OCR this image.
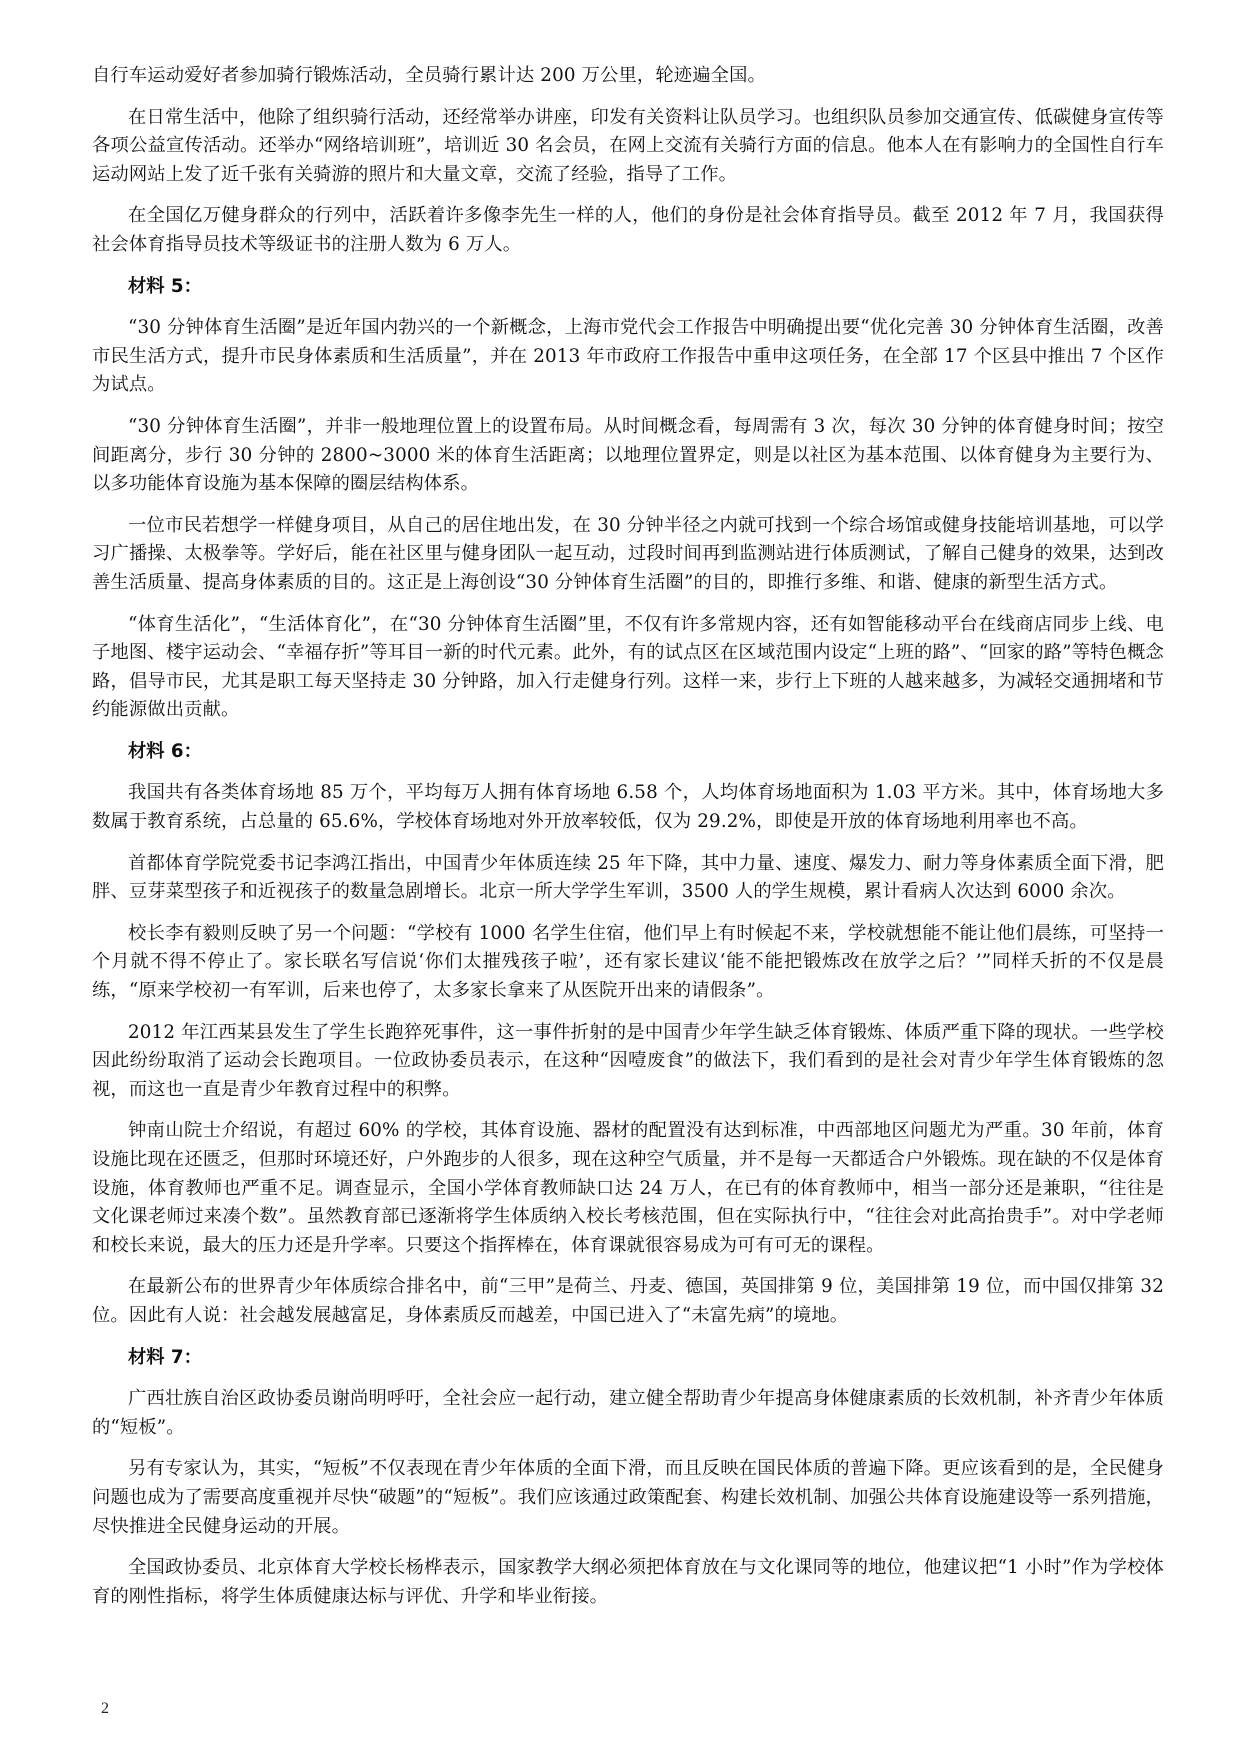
自行车运动爱好者参加骑行锻炼活动，全员骑行累计达 200 万公里，轮迹遍全国。

在日常生活中，他除了组织骑行活动，还经常举办讲座，印发有关资料让队员学习。也组织队员参加交通宣传、低碳健身宣传等各项公益宣传活动。还举办“网络培训班”，培训近 30 名会员，在网上交流有关骑行方面的信息。他本人在有影响力的全国性自行车运动网站上发了近千张有关骑游的照片和大量文章，交流了经验，指导了工作。

在全国亿万健身群众的行列中，活跃着许多像李先生一样的人，他们的身份是社会体育指导员。截至 2012 年 7 月，我国获得社会体育指导员技术等级证书的注册人数为 6 万人。

材料 5：

“30 分钟体育生活圈”是近年国内勃兴的一个新概念，上海市党代会工作报告中明确提出要“优化完善 30 分钟体育生活圈，改善市民生活方式，提升市民身体素质和生活质量”，并在 2013 年市政府工作报告中重申这项任务，在全部 17 个区县中推出 7 个区作为试点。

“30 分钟体育生活圈”，并非一般地理位置上的设置布局。从时间概念看，每周需有 3 次，每次 30 分钟的体育健身时间；按空间距离分，步行 30 分钟的 2800~3000 米的体育生活距离；以地理位置界定，则是以社区为基本范围、以体育健身为主要行为、以多功能体育设施为基本保障的圈层结构体系。

一位市民若想学一样健身项目，从自己的居住地出发，在 30 分钟半径之内就可找到一个综合场馆或健身技能培训基地，可以学习广播操、太极拳等。学好后，能在社区里与健身团队一起互动，过段时间再到监测站进行体质测试，了解自己健身的效果，达到改善生活质量、提高身体素质的目的。这正是上海创设“30 分钟体育生活圈”的目的，即推行多维、和谐、健康的新型生活方式。

“体育生活化”，“生活体育化”，在“30 分钟体育生活圈”里，不仅有许多常规内容，还有如智能移动平台在线商店同步上线、电子地图、楼宇运动会、“幸福存折”等耳目一新的时代元素。此外，有的试点区在区域范围内设定“上班的路”、“回家的路”等特色概念路，倡导市民，尤其是职工每天坚持走 30 分钟路，加入行走健身行列。这样一来，步行上下班的人越来越多，为减轻交通拥堵和节约能源做出贡献。

材料 6：

我国共有各类体育场地 85 万个，平均每万人拥有体育场地 6.58 个，人均体育场地面积为 1.03 平方米。其中，体育场地大多数属于教育系统，占总量的 65.6%，学校体育场地对外开放率较低，仅为 29.2%，即使是开放的体育场地利用率也不高。

首都体育学院党委书记李鸿江指出，中国青少年体质连续 25 年下降，其中力量、速度、爆发力、耐力等身体素质全面下滑，肥胖、豆芽菜型孩子和近视孩子的数量急剧增长。北京一所大学学生军训，3500 人的学生规模，累计看病人次达到 6000 余次。

校长李有毅则反映了另一个问题：“学校有 1000 名学生住宿，他们早上有时候起不来，学校就想能不能让他们晨练，可坚持一个月就不得不停止了。家长联名写信说‘你们太摧残孩子啦’，还有家长建议‘能不能把锻炼改在放学之后？’”同样夭折的不仅是晨练，“原来学校初一有军训，后来也停了，太多家长拿来了从医院开出来的请假条”。

2012 年江西某县发生了学生长跑猝死事件，这一事件折射的是中国青少年学生缺乏体育锻炼、体质严重下降的现状。一些学校因此纷纷取消了运动会长跑项目。一位政协委员表示，在这种“因噎废食”的做法下，我们看到的是社会对青少年学生体育锻炼的忽视，而这也一直是青少年教育过程中的积弊。

钟南山院士介绍说，有超过 60% 的学校，其体育设施、器材的配置没有达到标准，中西部地区问题尤为严重。30 年前，体育设施比现在还匮乏，但那时环境还好，户外跑步的人很多，现在这种空气质量，并不是每一天都适合户外锻炼。现在缺的不仅是体育设施，体育教师也严重不足。调查显示，全国小学体育教师缺口达 24 万人，在已有的体育教师中，相当一部分还是兼职，“往往是文化课老师过来凑个数”。虽然教育部已逐渐将学生体质纳入校长考核范围，但在实际执行中，“往往会对此高抬贵手”。对中学老师和校长来说，最大的压力还是升学率。只要这个指挥棒在，体育课就很容易成为可有可无的课程。

在最新公布的世界青少年体质综合排名中，前“三甲”是荷兰、丹麦、德国，英国排第 9 位，美国排第 19 位，而中国仅排第 32 位。因此有人说：社会越发展越富足，身体素质反而越差，中国已进入了“未富先病”的境地。

材料 7：

广西壮族自治区政协委员谢尚明呼吁，全社会应一起行动，建立健全帮助青少年提高身体健康素质的长效机制，补齐青少年体质的“短板”。

另有专家认为，其实，“短板”不仅表现在青少年体质的全面下滑，而且反映在国民体质的普遍下降。更应该看到的是，全民健身问题也成为了需要高度重视并尽快“破题”的“短板”。我们应该通过政策配套、构建长效机制、加强公共体育设施建设等一系列措施，尽快推进全民健身运动的开展。

全国政协委员、北京体育大学校长杨桦表示，国家教学大纲必须把体育放在与文化课同等的地位，他建议把“1 小时”作为学校体育的刚性指标，将学生体质健康达标与评优、升学和毕业衔接。

2
